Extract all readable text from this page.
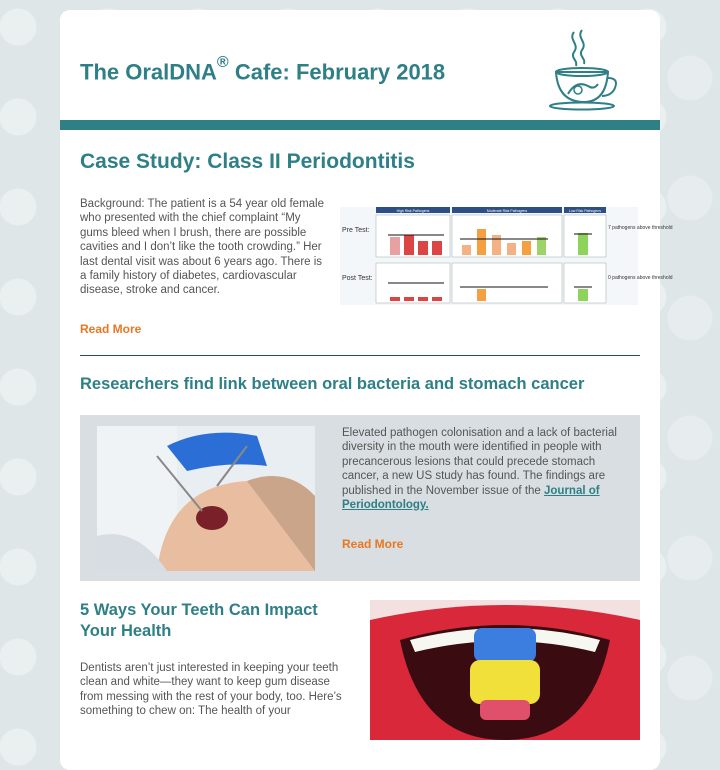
The OralDNA® Cafe: February 2018
Case Study: Class II Periodontitis

Background: The patient is a 54 year old female who presented with the chief complaint “My gums bleed when I brush, there are possible cavities and I don’t like the tooth crowding.” Her last dental visit was about 6 years ago. There is a family history of diabetes, cardiovascular disease, stroke and cancer.

Read More
Pre Test:
Post Test:
High Risk Pathogens	Moderate Risk Pathogens	Low Risk Pathogens
7 pathogens above threshold
0 pathogens above threshold
Researchers find link between oral bacteria and stomach cancer

Elevated pathogen colonisation and a lack of bacterial diversity in the mouth were identified in people with precancerous lesions that could precede stomach cancer, a new US study has found. The findings are published in the November issue of the Journal of Periodontology.

Read More
5 Ways Your Teeth Can Impact Your Health

Dentists aren’t just interested in keeping your teeth clean and white—they want to keep gum disease from messing with the rest of your body, too. Here’s something to chew on: The health of your
